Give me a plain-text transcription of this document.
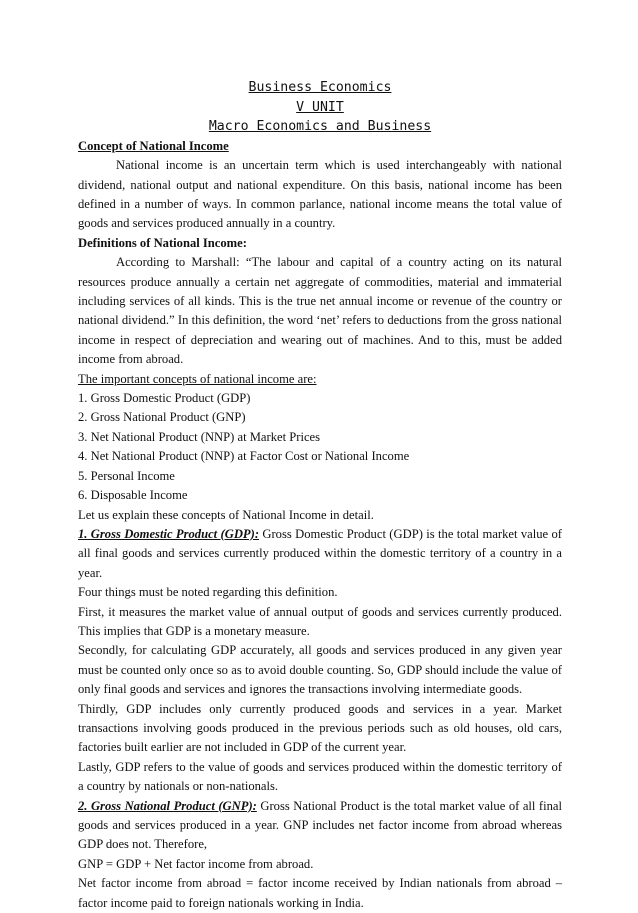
Business Economics
V UNIT
Macro Economics and Business
Concept of National Income

National income is an uncertain term which is used interchangeably with national dividend, national output and national expenditure. On this basis, national income has been defined in a number of ways. In common parlance, national income means the total value of goods and services produced annually in a country.

Definitions of National Income:

According to Marshall: “The labour and capital of a country acting on its natural resources produce annually a certain net aggregate of commodities, material and immaterial including services of all kinds. This is the true net annual income or revenue of the country or national dividend.” In this definition, the word ‘net’ refers to deductions from the gross national income in respect of depreciation and wearing out of machines. And to this, must be added income from abroad.

The important concepts of national income are:
1. Gross Domestic Product (GDP)
2. Gross National Product (GNP)
3. Net National Product (NNP) at Market Prices
4. Net National Product (NNP) at Factor Cost or National Income
5. Personal Income
6. Disposable Income
Let us explain these concepts of National Income in detail.

1. Gross Domestic Product (GDP): Gross Domestic Product (GDP) is the total market value of all final goods and services currently produced within the domestic territory of a country in a year.

Four things must be noted regarding this definition.

First, it measures the market value of annual output of goods and services currently produced. This implies that GDP is a monetary measure.

Secondly, for calculating GDP accurately, all goods and services produced in any given year must be counted only once so as to avoid double counting. So, GDP should include the value of only final goods and services and ignores the transactions involving intermediate goods.

Thirdly, GDP includes only currently produced goods and services in a year. Market transactions involving goods produced in the previous periods such as old houses, old cars, factories built earlier are not included in GDP of the current year.

Lastly, GDP refers to the value of goods and services produced within the domestic territory of a country by nationals or non-nationals.

2. Gross National Product (GNP): Gross National Product is the total market value of all final goods and services produced in a year. GNP includes net factor income from abroad whereas GDP does not. Therefore,

GNP = GDP + Net factor income from abroad.

Net factor income from abroad = factor income received by Indian nationals from abroad – factor income paid to foreign nationals working in India.
